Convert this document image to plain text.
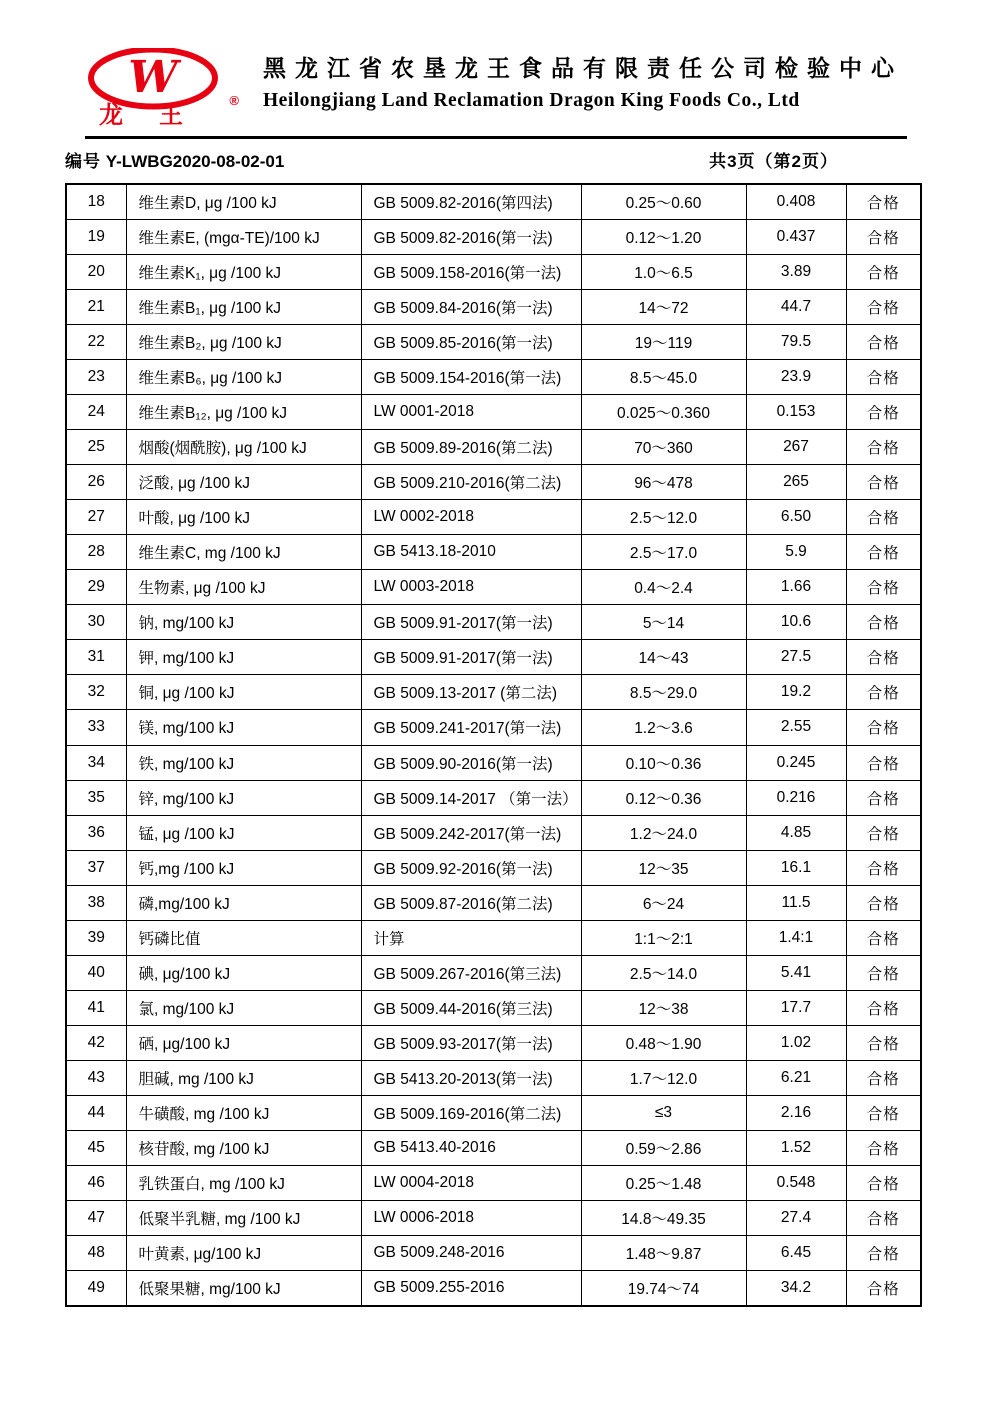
W
龙王
®
黑龙江省农垦龙王食品有限责任公司检验中心
Heilongjiang Land Reclamation Dragon King Foods Co., Ltd
编号 Y-LWBG2020-08-02-01	共3页（第2页）
18	维生素D, μg /100 kJ	GB 5009.82-2016(第四法)	0.25～0.60	0.408	合格
19	维生素E, (mgα-TE)/100 kJ	GB 5009.82-2016(第一法)	0.12～1.20	0.437	合格
20	维生素K₁, μg /100 kJ	GB 5009.158-2016(第一法)	1.0～6.5	3.89	合格
21	维生素B₁, μg /100 kJ	GB 5009.84-2016(第一法)	14～72	44.7	合格
22	维生素B₂, μg /100 kJ	GB 5009.85-2016(第一法)	19～119	79.5	合格
23	维生素B₆, μg /100 kJ	GB 5009.154-2016(第一法)	8.5～45.0	23.9	合格
24	维生素B₁₂, μg /100 kJ	LW 0001-2018	0.025～0.360	0.153	合格
25	烟酸(烟酰胺), μg /100 kJ	GB 5009.89-2016(第二法)	70～360	267	合格
26	泛酸, μg /100 kJ	GB 5009.210-2016(第二法)	96～478	265	合格
27	叶酸, μg /100 kJ	LW 0002-2018	2.5～12.0	6.50	合格
28	维生素C, mg /100 kJ	GB 5413.18-2010	2.5～17.0	5.9	合格
29	生物素, μg /100 kJ	LW 0003-2018	0.4～2.4	1.66	合格
30	钠, mg/100 kJ	GB 5009.91-2017(第一法)	5～14	10.6	合格
31	钾, mg/100 kJ	GB 5009.91-2017(第一法)	14～43	27.5	合格
32	铜, μg /100 kJ	GB 5009.13-2017 (第二法)	8.5～29.0	19.2	合格
33	镁, mg/100 kJ	GB 5009.241-2017(第一法)	1.2～3.6	2.55	合格
34	铁, mg/100 kJ	GB 5009.90-2016(第一法)	0.10～0.36	0.245	合格
35	锌, mg/100 kJ	GB 5009.14-2017 （第一法）	0.12～0.36	0.216	合格
36	锰, μg /100 kJ	GB 5009.242-2017(第一法)	1.2～24.0	4.85	合格
37	钙,mg /100 kJ	GB 5009.92-2016(第一法)	12～35	16.1	合格
38	磷,mg/100 kJ	GB 5009.87-2016(第二法)	6～24	11.5	合格
39	钙磷比值	计算	1:1～2:1	1.4:1	合格
40	碘, μg/100 kJ	GB 5009.267-2016(第三法)	2.5～14.0	5.41	合格
41	氯, mg/100 kJ	GB 5009.44-2016(第三法)	12～38	17.7	合格
42	硒, μg/100 kJ	GB 5009.93-2017(第一法)	0.48～1.90	1.02	合格
43	胆碱, mg /100 kJ	GB 5413.20-2013(第一法)	1.7～12.0	6.21	合格
44	牛磺酸, mg /100 kJ	GB 5009.169-2016(第二法)	≤3	2.16	合格
45	核苷酸, mg /100 kJ	GB 5413.40-2016	0.59～2.86	1.52	合格
46	乳铁蛋白, mg /100 kJ	LW 0004-2018	0.25～1.48	0.548	合格
47	低聚半乳糖, mg /100 kJ	LW 0006-2018	14.8～49.35	27.4	合格
48	叶黄素, μg/100 kJ	GB 5009.248-2016	1.48～9.87	6.45	合格
49	低聚果糖, mg/100 kJ	GB 5009.255-2016	19.74～74	34.2	合格
